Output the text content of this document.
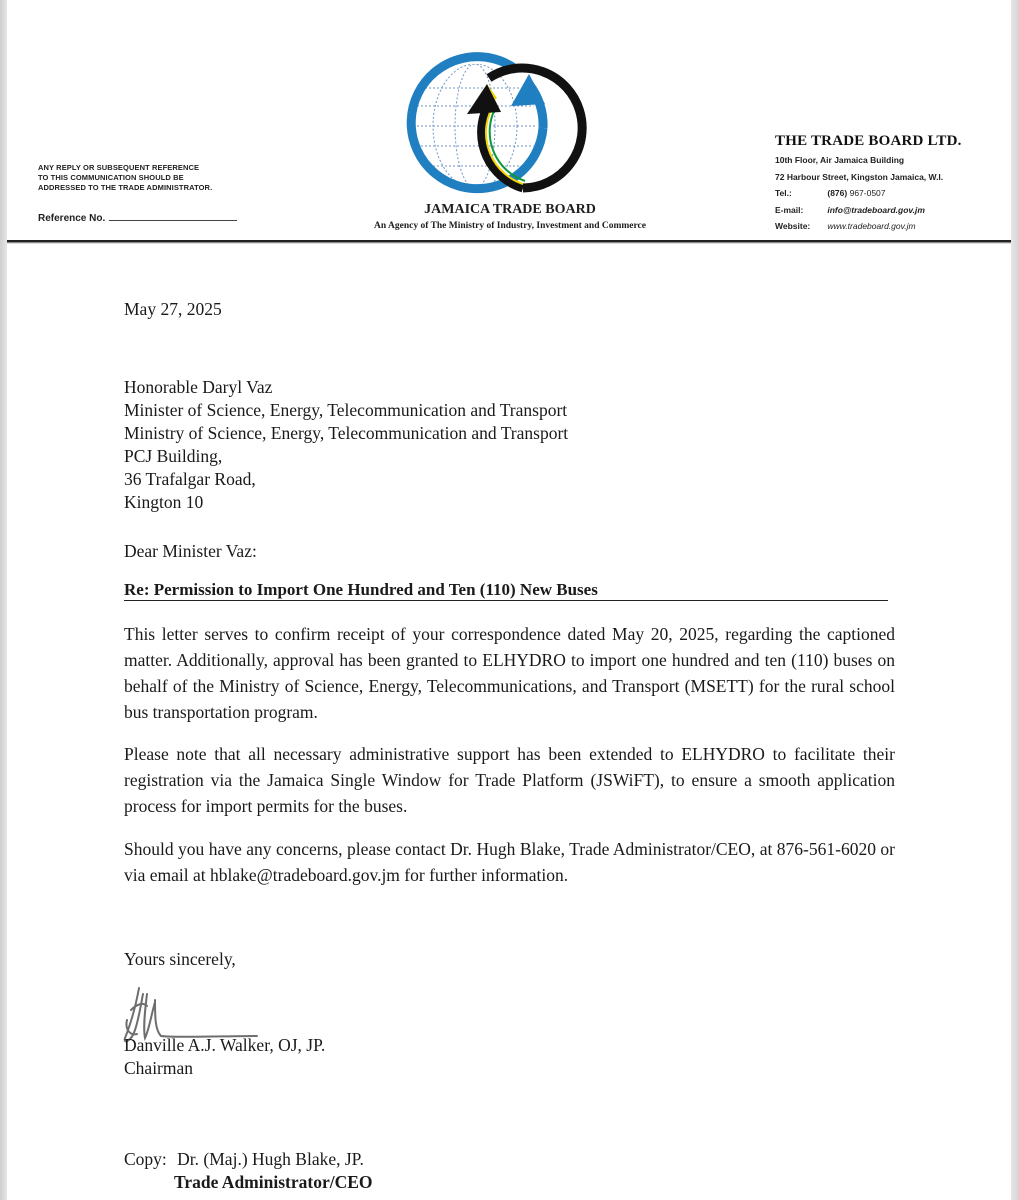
ANY REPLY OR SUBSEQUENT REFERENCE
TO THIS COMMUNICATION SHOULD BE
ADDRESSED TO THE TRADE ADMINISTRATOR.
Reference No.
JAMAICA TRADE BOARD
An Agency of The Ministry of Industry, Investment and Commerce
THE TRADE BOARD LTD.
10th Floor, Air Jamaica Building
72 Harbour Street, Kingston Jamaica, W.I.
Tel.:	(876) 967-0507
E-mail:	info@tradeboard.gov.jm
Website: www.tradeboard.gov.jm
May 27, 2025
Honorable Daryl Vaz
Minister of Science, Energy, Telecommunication and Transport
Ministry of Science, Energy, Telecommunication and Transport
PCJ Building,
36 Trafalgar Road,
Kington 10
Dear Minister Vaz:
Re: Permission to Import One Hundred and Ten (110) New Buses
This letter serves to confirm receipt of your correspondence dated May 20, 2025, regarding the captioned matter. Additionally, approval has been granted to ELHYDRO to import one hundred and ten (110) buses on behalf of the Ministry of Science, Energy, Telecommunications, and Transport (MSETT) for the rural school bus transportation program.
Please note that all necessary administrative support has been extended to ELHYDRO to facilitate their registration via the Jamaica Single Window for Trade Platform (JSWiFT), to ensure a smooth application process for import permits for the buses.
Should you have any concerns, please contact Dr. Hugh Blake, Trade Administrator/CEO, at 876-561-6020 or via email at hblake@tradeboard.gov.jm for further information.
Yours sincerely,
Danville A.J. Walker, OJ, JP.
Chairman
Copy: Dr. (Maj.) Hugh Blake, JP.
Trade Administrator/CEO
